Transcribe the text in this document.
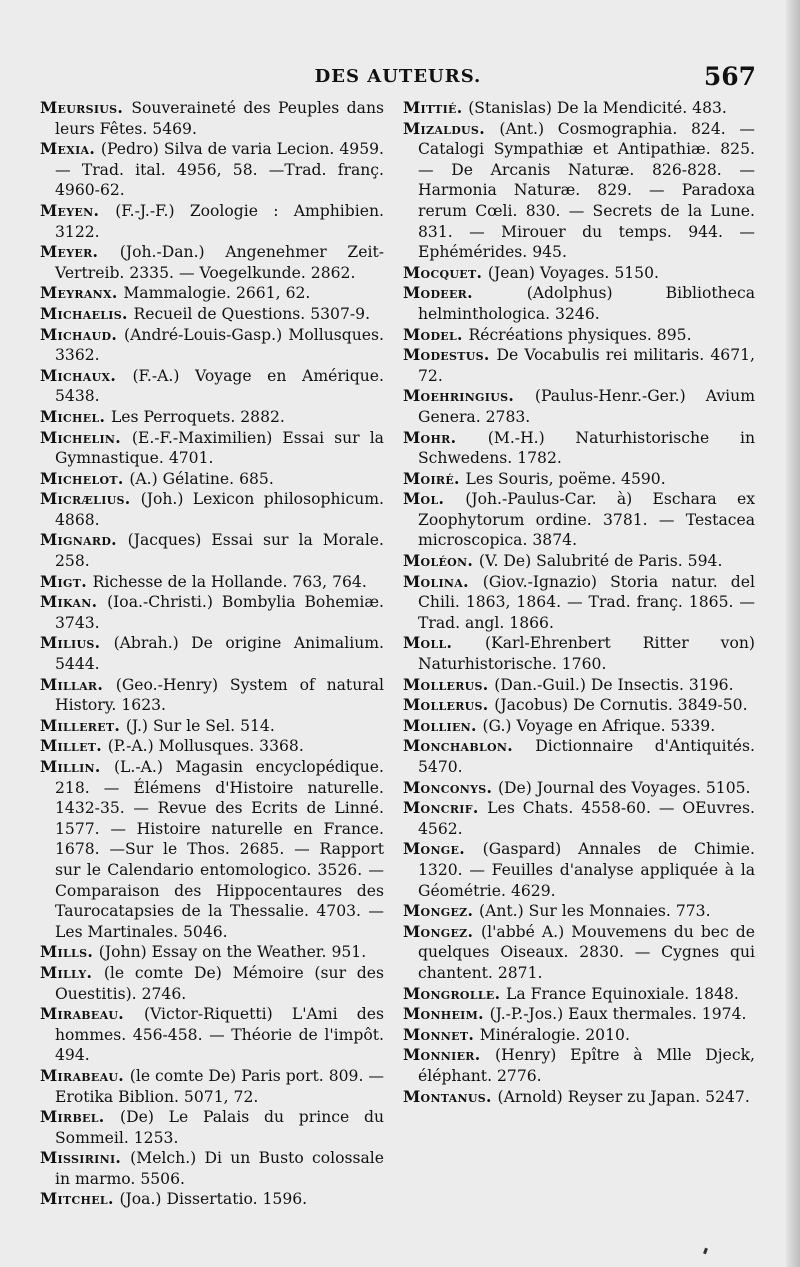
DES AUTEURS.	567

Meursius . Souveraineté des Peuples dans leurs Fêtes. 5469.

Mexia . (Pedro) Silva de varia Lecion. 4959. — Trad. ital. 4956, 58. —Trad. franç. 4960-62.

Meyen . (F.-J.-F.) Zoologie : Amphibien. 3122.

Meyer . (Joh.-Dan.) Angenehmer Zeit-Vertreib. 2335. — Voegelkunde. 2862.

Meyranx . Mammalogie. 2661, 62.

Michaelis . Recueil de Questions. 5307-9.

Michaud . (André-Louis-Gasp.) Mollusques. 3362.

Michaux . (F.-A.) Voyage en Amérique. 5438.

Michel . Les Perroquets. 2882.

Michelin . (E.-F.-Maximilien) Essai sur la Gymnastique. 4701.

Michelot . (A.) Gélatine. 685.

Micrælius . (Joh.) Lexicon philosophicum. 4868.

Mignard . (Jacques) Essai sur la Morale. 258.

Migt . Richesse de la Hollande. 763, 764.

Mikan . (Ioa.-Christi.) Bombylia Bohemiæ. 3743.

Milius . (Abrah.) De origine Animalium. 5444.

Millar . (Geo.-Henry) System of natural History. 1623.

Milleret . (J.) Sur le Sel. 514.

Millet . (P.-A.) Mollusques. 3368.

Millin . (L.-A.) Magasin encyclopédique. 218. — Élémens d'Histoire naturelle. 1432-35. — Revue des Ecrits de Linné. 1577. — Histoire naturelle en France. 1678. —Sur le Thos. 2685. — Rapport sur le Calendario entomologico. 3526. — Comparaison des Hippocentaures des Taurocatapsies de la Thessalie. 4703. — Les Martinales. 5046.

Mills . (John) Essay on the Weather. 951.

Milly . (le comte De) Mémoire (sur des Ouestitis). 2746.

Mirabeau . (Victor-Riquetti) L'Ami des hommes. 456-458. — Théorie de l'impôt. 494.

Mirabeau . (le comte De) Paris port. 809. — Erotika Biblion. 5071, 72.

Mirbel . (De) Le Palais du prince du Sommeil. 1253.

Missirini . (Melch.) Di un Busto colossale in marmo. 5506.

Mitchel . (Joa.) Dissertatio. 1596.

Mittié . (Stanislas) De la Mendicité. 483.

Mizaldus . (Ant.) Cosmographia. 824. —Catalogi Sympathiæ et Antipathiæ. 825. — De Arcanis Naturæ. 826-828. — Harmonia Naturæ. 829. — Paradoxa rerum Cœli. 830. — Secrets de la Lune. 831. — Mirouer du temps. 944. — Ephémérides. 945.

Mocquet . (Jean) Voyages. 5150.

Modeer .	(Adolphus) Bibliotheca helminthologica. 3246.

Model . Récréations physiques. 895.

Modestus . De Vocabulis rei militaris. 4671, 72.

Moehringius . (Paulus-Henr.-Ger.) Avium Genera. 2783.

Mohr . (M.-H.) Naturhistorische in Schwedens. 1782.

Moiré . Les Souris, poëme. 4590.

Mol . (Joh.-Paulus-Car. à) Eschara ex Zoophytorum ordine. 3781. — Testacea microscopica. 3874.

Moléon . (V. De) Salubrité de Paris. 594.

Molina . (Giov.-Ignazio) Storia natur. del Chili. 1863, 1864. — Trad. franç. 1865. — Trad. angl. 1866.

Moll . (Karl-Ehrenbert Ritter von) Naturhistorische. 1760.

Mollerus . (Dan.-Guil.) De Insectis. 3196.

Mollerus . (Jacobus) De Cornutis. 3849-50.

Mollien . (G.) Voyage en Afrique. 5339.

Monchablon . Dictionnaire d'Antiquités. 5470.

Monconys . (De) Journal des Voyages. 5105.

Moncrif . Les Chats. 4558-60. — OEuvres. 4562.

Monge . (Gaspard) Annales de Chimie. 1320. — Feuilles d'analyse appliquée à la Géométrie. 4629.

Mongez . (Ant.) Sur les Monnaies. 773.

Mongez . (l'abbé A.) Mouvemens du bec de quelques Oiseaux. 2830. — Cygnes qui chantent. 2871.

Mongrolle . La France Equinoxiale. 1848.

Monheim . (J.-P.-Jos.) Eaux thermales. 1974.

Monnet . Minéralogie. 2010.

Monnier . (Henry) Epître à Mlle Djeck, éléphant. 2776.

Montanus . (Arnold) Reyser zu Japan. 5247.
